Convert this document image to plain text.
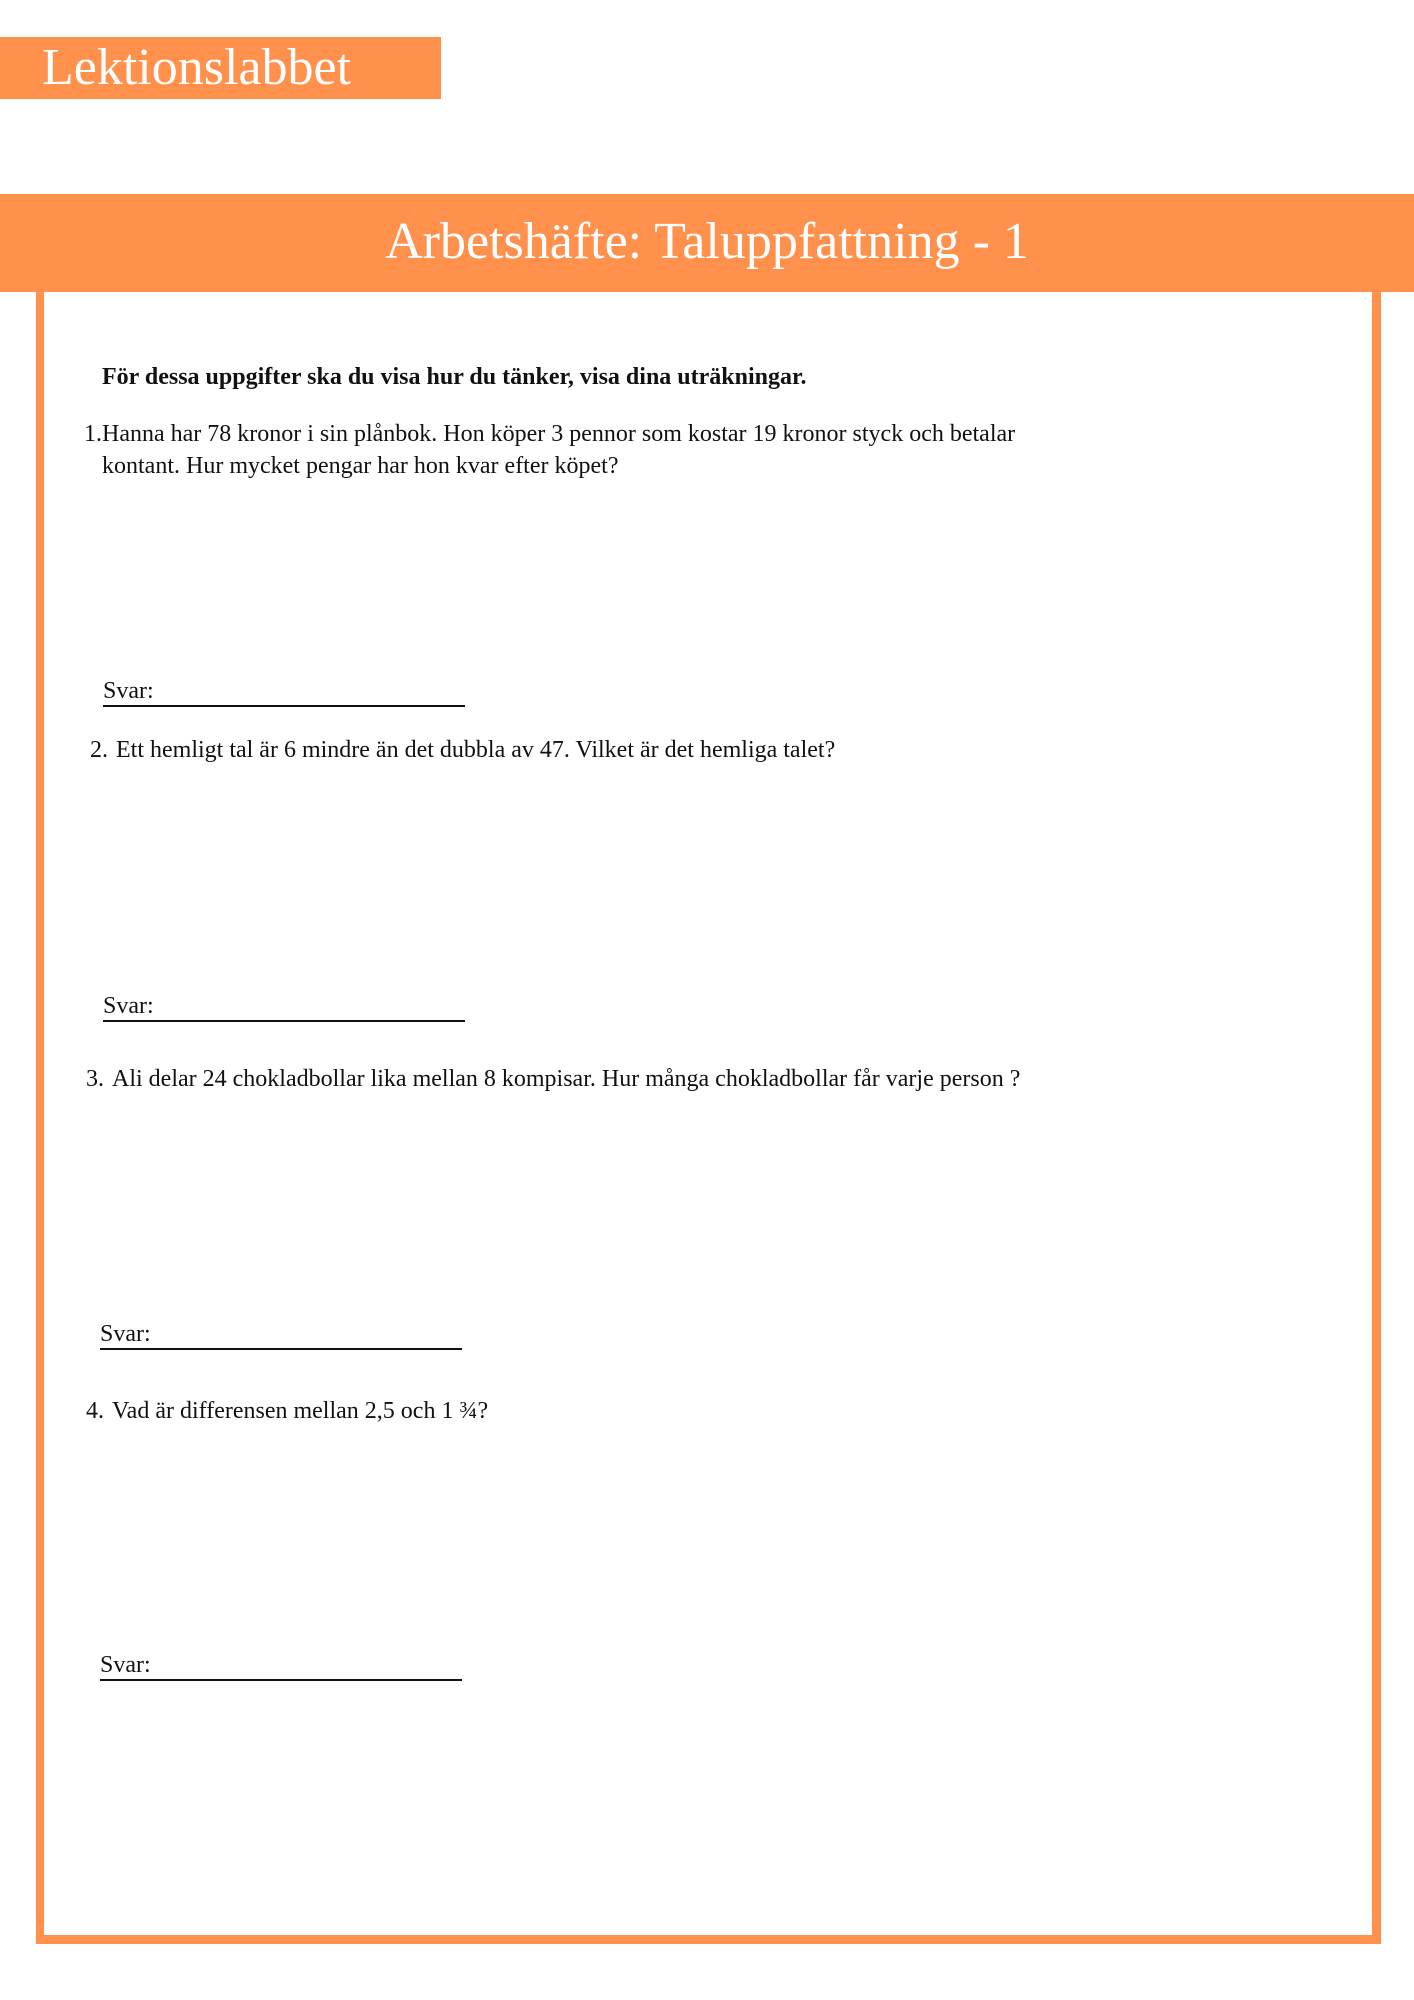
Lektionslabbet
Arbetshäfte: Taluppfattning - 1
För dessa uppgifter ska du visa hur du tänker, visa dina uträkningar.
1. Hanna har 78 kronor i sin plånbok. Hon köper 3 pennor som kostar 19 kronor styck och betalar
kontant. Hur mycket pengar har hon kvar efter köpet?
Svar:
2. Ett hemligt tal är 6 mindre än det dubbla av 47. Vilket är det hemliga talet?
Svar:
3. Ali delar 24 chokladbollar lika mellan 8 kompisar. Hur många chokladbollar får varje person ?
Svar:
4. Vad är differensen mellan 2,5 och 1 ¾?
Svar:
